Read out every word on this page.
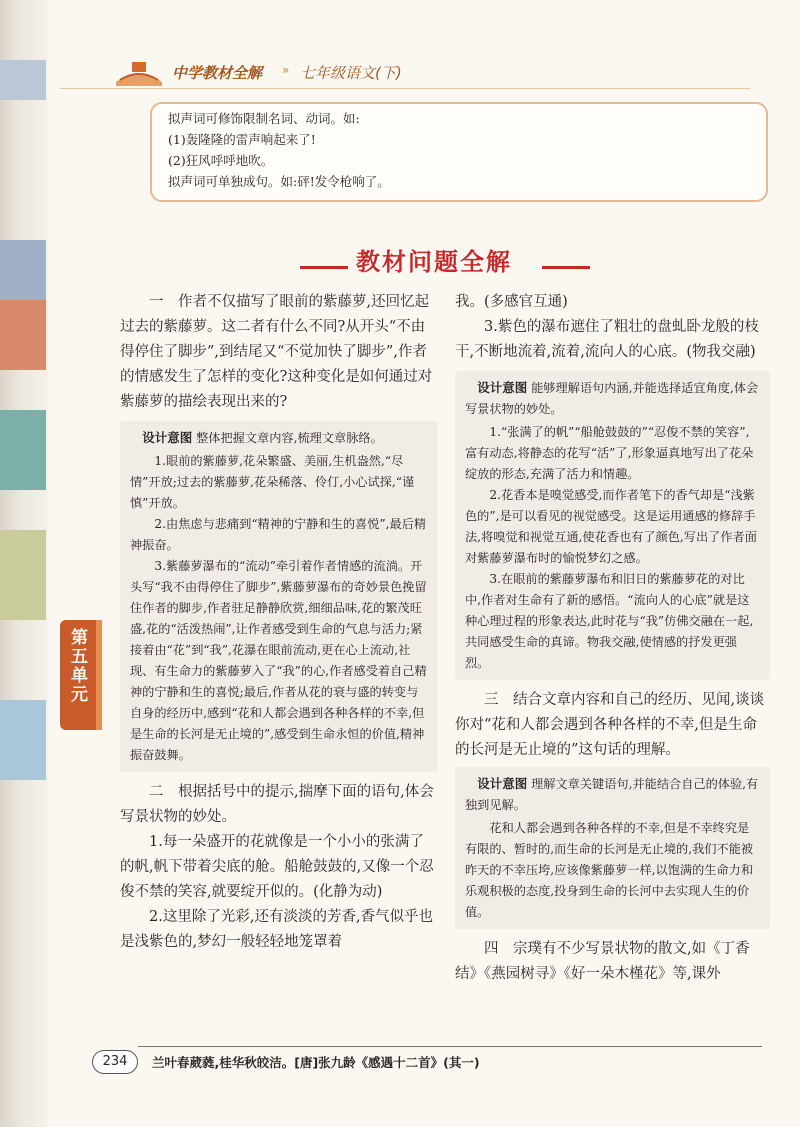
中学教材全解 » 七年级语文(下)

拟声词可修饰限制名词、动词。如:

(1)轰隆隆的雷声响起来了!

(2)狂风呼呼地吹。

拟声词可单独成句。如:砰!发令枪响了。

教材问题全解

一　作者不仅描写了眼前的紫藤萝,还回忆起过去的紫藤萝。这二者有什么不同?从开头“不由得停住了脚步”,到结尾又“不觉加快了脚步”,作者的情感发生了怎样的变化?这种变化是如何通过对紫藤萝的描绘表现出来的?

设计意图 整体把握文章内容,梳理文章脉络。

1.眼前的紫藤萝,花朵繁盛、美丽,生机盎然,“尽情”开放;过去的紫藤萝,花朵稀落、伶仃,小心试探,“谨慎”开放。

2.由焦虑与悲痛到“精神的宁静和生的喜悦”,最后精神振奋。

3.紫藤萝瀑布的“流动”牵引着作者情感的流淌。开头写“我不由得停住了脚步”,紫藤萝瀑布的奇妙景色挽留住作者的脚步,作者驻足静静欣赏,细细品味,花的繁茂旺盛,花的“活泼热闹”,让作者感受到生命的气息与活力;紧接着由“花”到“我”,花瀑在眼前流动,更在心上流动,社现、有生命力的紫藤萝入了“我”的心,作者感受着自己精神的宁静和生的喜悦;最后,作者从花的衰与盛的转变与自身的经历中,感到“花和人都会遇到各种各样的不幸,但是生命的长河是无止境的”,感受到生命永恒的价值,精神振奋鼓舞。

二　根据括号中的提示,揣摩下面的语句,体会写景状物的妙处。

1.每一朵盛开的花就像是一个小小的张满了的帆,帆下带着尖底的舱。船舱鼓鼓的,又像一个忍俊不禁的笑容,就要绽开似的。(化静为动)

2.这里除了光彩,还有淡淡的芳香,香气似乎也是浅紫色的,梦幻一般轻轻地笼罩着

我。(多感官互通)

3.紫色的瀑布遮住了粗壮的盘虬卧龙般的枝干,不断地流着,流着,流向人的心底。(物我交融)

设计意图 能够理解语句内涵,并能选择适宜角度,体会写景状物的妙处。

1.“张满了的帆”“船舱鼓鼓的”“忍俊不禁的笑容”,富有动态,将静态的花写“活”了,形象逼真地写出了花朵绽放的形态,充满了活力和情趣。

2.花香本是嗅觉感受,而作者笔下的香气却是“浅紫色的”,是可以看见的视觉感受。这是运用通感的修辞手法,将嗅觉和视觉互通,使花香也有了颜色,写出了作者面对紫藤萝瀑布时的愉悦梦幻之感。

3.在眼前的紫藤萝瀑布和旧日的紫藤萝花的对比中,作者对生命有了新的感悟。“流向人的心底”就是这种心理过程的形象表达,此时花与“我”仿佛交融在一起,共同感受生命的真谛。物我交融,使情感的抒发更强烈。

三　结合文章内容和自己的经历、见闻,谈谈你对“花和人都会遇到各种各样的不幸,但是生命的长河是无止境的”这句话的理解。

设计意图 理解文章关键语句,并能结合自己的体验,有独到见解。

花和人都会遇到各种各样的不幸,但是不幸终究是有限的、暂时的,而生命的长河是无止境的,我们不能被昨天的不幸压垮,应该像紫藤萝一样,以饱满的生命力和乐观积极的态度,投身到生命的长河中去实现人生的价值。

四　宗璞有不少写景状物的散文,如《丁香结》《燕园树寻》《好一朵木槿花》等,课外

第五单元
234	兰叶春葳蕤,桂华秋皎洁。[唐]张九龄《感遇十二首》(其一)
